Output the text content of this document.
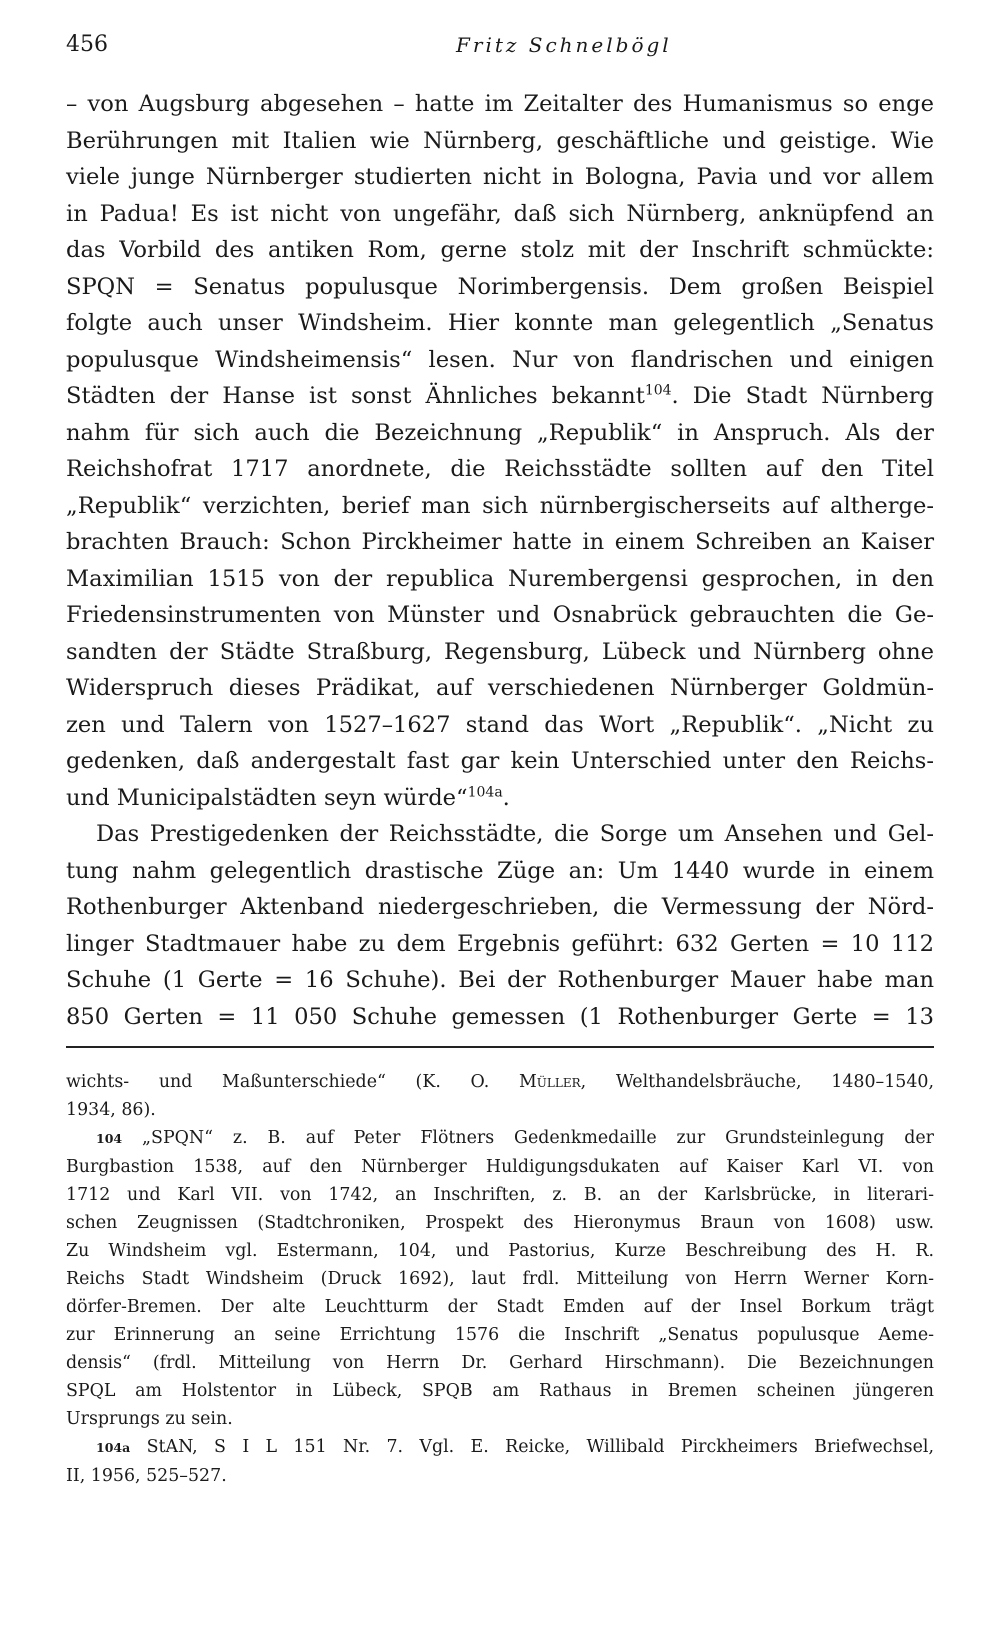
456	Fritz Schnelbögl
– von Augsburg abgesehen – hatte im Zeitalter des Humanismus so enge
Berührungen mit Italien wie Nürnberg, geschäftliche und geistige. Wie
viele junge Nürnberger studierten nicht in Bologna, Pavia und vor allem
in Padua! Es ist nicht von ungefähr, daß sich Nürnberg, anknüpfend an
das Vorbild des antiken Rom, gerne stolz mit der Inschrift schmückte:
SPQN = Senatus populusque Norimbergensis. Dem großen Beispiel
folgte auch unser Windsheim. Hier konnte man gelegentlich „Senatus
populusque Windsheimensis“ lesen. Nur von flandrischen und einigen
Städten der Hanse ist sonst Ähnliches bekannt$^{104}$. Die Stadt Nürnberg
nahm für sich auch die Bezeichnung „Republik“ in Anspruch. Als der
Reichshofrat 1717 anordnete, die Reichsstädte sollten auf den Titel
„Republik“ verzichten, berief man sich nürnbergischerseits auf altherge-
brachten Brauch: Schon Pirckheimer hatte in einem Schreiben an Kaiser
Maximilian 1515 von der republica Nurembergensi gesprochen, in den
Friedensinstrumenten von Münster und Osnabrück gebrauchten die Ge-
sandten der Städte Straßburg, Regensburg, Lübeck und Nürnberg ohne
Widerspruch dieses Prädikat, auf verschiedenen Nürnberger Goldmün-
zen und Talern von 1527–1627 stand das Wort „Republik“. „Nicht zu
gedenken, daß andergestalt fast gar kein Unterschied unter den Reichs-
und Municipalstädten seyn würde“$^{104a}$.
Das Prestigedenken der Reichsstädte, die Sorge um Ansehen und Gel-
tung nahm gelegentlich drastische Züge an: Um 1440 wurde in einem
Rothenburger Aktenband niedergeschrieben, die Vermessung der Nörd-
linger Stadtmauer habe zu dem Ergebnis geführt: 632 Gerten = 10 112
Schuhe (1 Gerte = 16 Schuhe). Bei der Rothenburger Mauer habe man
850 Gerten = 11 050 Schuhe gemessen (1 Rothenburger Gerte = 13
wichts- und Maßunterschiede“ (K. O. Müller, Welthandelsbräuche, 1480–1540,
1934, 86).
104 „SPQN“ z. B. auf Peter Flötners Gedenkmedaille zur Grundsteinlegung der
Burgbastion 1538, auf den Nürnberger Huldigungsdukaten auf Kaiser Karl VI. von
1712 und Karl VII. von 1742, an Inschriften, z. B. an der Karlsbrücke, in literari-
schen Zeugnissen (Stadtchroniken, Prospekt des Hieronymus Braun von 1608) usw.
Zu Windsheim vgl. Estermann, 104, und Pastorius, Kurze Beschreibung des H. R.
Reichs Stadt Windsheim (Druck 1692), laut frdl. Mitteilung von Herrn Werner Korn-
dörfer-Bremen. Der alte Leuchtturm der Stadt Emden auf der Insel Borkum trägt
zur Erinnerung an seine Errichtung 1576 die Inschrift „Senatus populusque Aeme-
densis“ (frdl. Mitteilung von Herrn Dr. Gerhard Hirschmann). Die Bezeichnungen
SPQL am Holstentor in Lübeck, SPQB am Rathaus in Bremen scheinen jüngeren
Ursprungs zu sein.
104a StAN, S I L 151 Nr. 7. Vgl. E. Reicke, Willibald Pirckheimers Briefwechsel,
II, 1956, 525–527.
